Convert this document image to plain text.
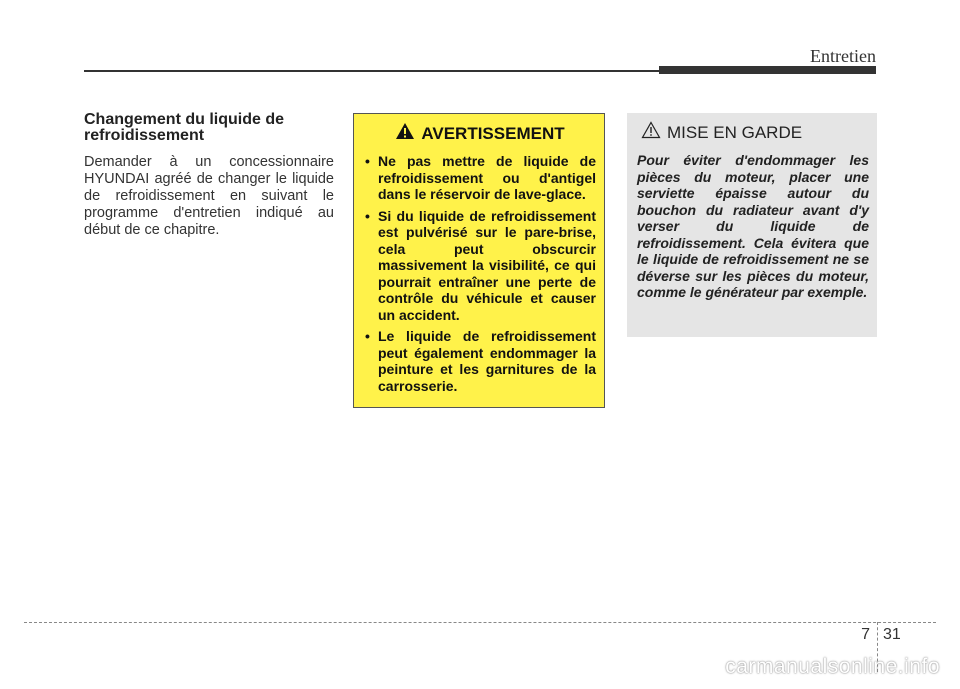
Entretien
Changement du liquide de refroidissement

Demander à un concessionnaire HYUNDAI agréé de changer le liquide de refroidissement en suivant le programme d'entretien indiqué au début de ce chapitre.

AVERTISSEMENT
• Ne pas mettre de liquide de refroidissement ou d'antigel dans le réservoir de lave-glace.
• Si du liquide de refroidissement est pulvérisé sur le pare-brise, cela peut obscurcir massivement la visibilité, ce qui pourrait entraîner une perte de contrôle du véhicule et causer un accident.
• Le liquide de refroidissement peut également endommager la peinture et les garnitures de la carrosserie.
MISE EN GARDE

Pour éviter d'endommager les pièces du moteur, placer une serviette épaisse autour du bouchon du radiateur avant d'y verser du liquide de refroidissement. Cela évitera que le liquide de refroidissement ne se déverse sur les pièces du moteur, comme le générateur par exemple.

7 31
carmanualsonline.info
